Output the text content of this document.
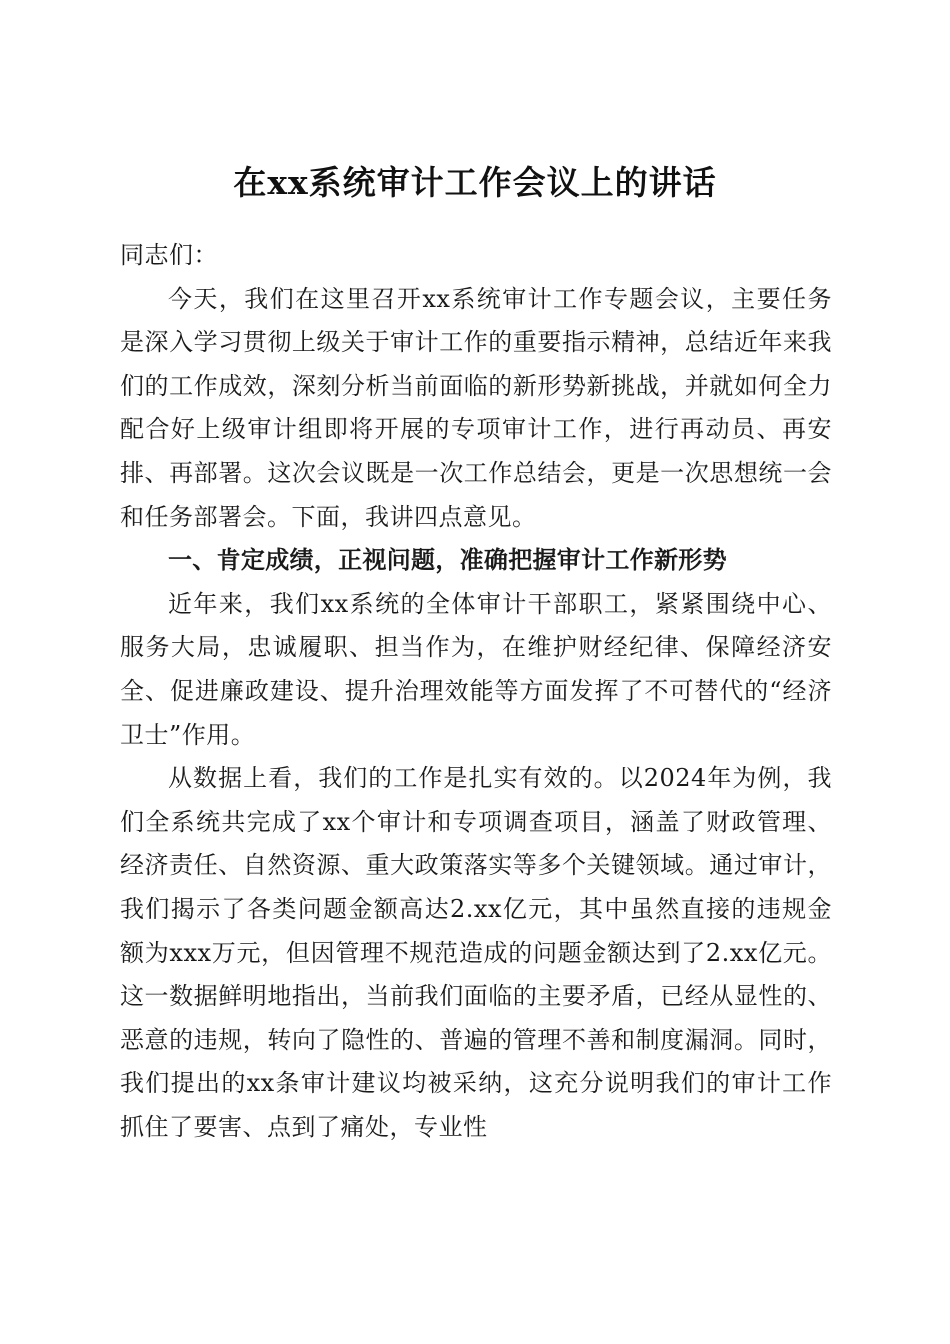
在xx系统审计工作会议上的讲话

同志们：

今天，我们在这里召开xx系统审计工作专题会议，主要任务是深入学习贯彻上级关于审计工作的重要指示精神，总结近年来我们的工作成效，深刻分析当前面临的新形势新挑战，并就如何全力配合好上级审计组即将开展的专项审计工作，进行再动员、再安排、再部署。这次会议既是一次工作总结会，更是一次思想统一会和任务部署会。下面，我讲四点意见。

一、肯定成绩，正视问题，准确把握审计工作新形势

近年来，我们xx系统的全体审计干部职工，紧紧围绕中心、服务大局，忠诚履职、担当作为，在维护财经纪律、保障经济安全、促进廉政建设、提升治理效能等方面发挥了不可替代的“经济卫士”作用。

从数据上看，我们的工作是扎实有效的。以2024年为例，我们全系统共完成了xx个审计和专项调查项目，涵盖了财政管理、经济责任、自然资源、重大政策落实等多个关键领域。通过审计，我们揭示了各类问题金额高达2.xx亿元，其中虽然直接的违规金额为xxx万元，但因管理不规范造成的问题金额达到了2.xx亿元。这一数据鲜明地指出，当前我们面临的主要矛盾，已经从显性的、恶意的违规，转向了隐性的、普遍的管理不善和制度漏洞。同时，我们提出的xx条审计建议均被采纳，这充分说明我们的审计工作抓住了要害、点到了痛处，专业性
